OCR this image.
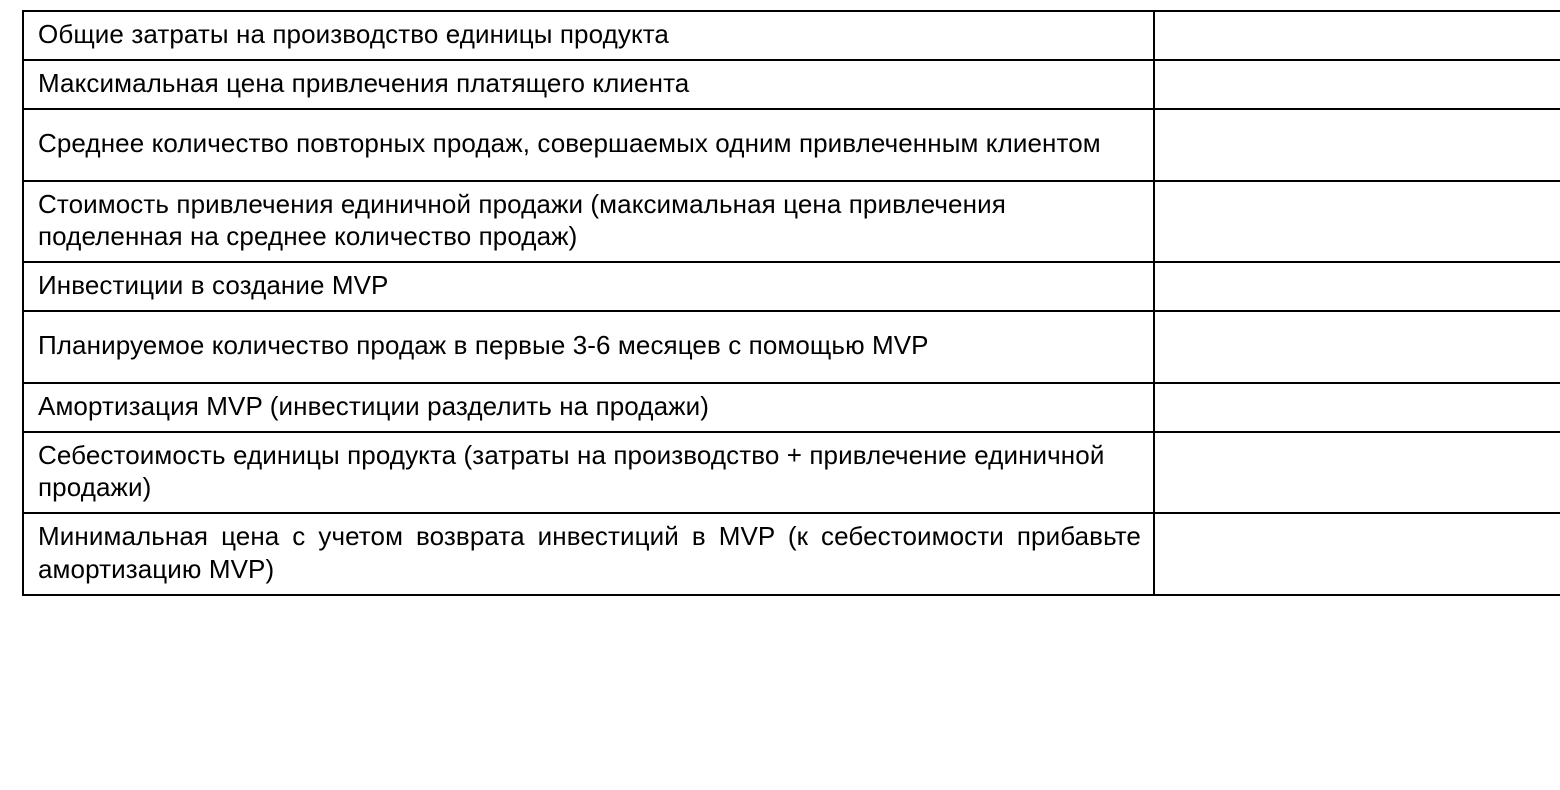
Общие затраты на производство единицы продукта	
Максимальная цена привлечения платящего клиента	
Среднее количество повторных продаж, совершаемых одним привлеченным клиентом	
Стоимость привлечения единичной продажи (максимальная цена привлечения поделенная на среднее количество продаж)	
Инвестиции в создание MVP	
Планируемое количество продаж в первые 3-6 месяцев с помощью MVP	
Амортизация MVP (инвестиции разделить на продажи)	
Себестоимость единицы продукта (затраты на производство + привлечение единичной продажи)	
Минимальная цена с учетом возврата инвестиций в MVP (к себестоимости прибавьте амортизацию MVP)	
